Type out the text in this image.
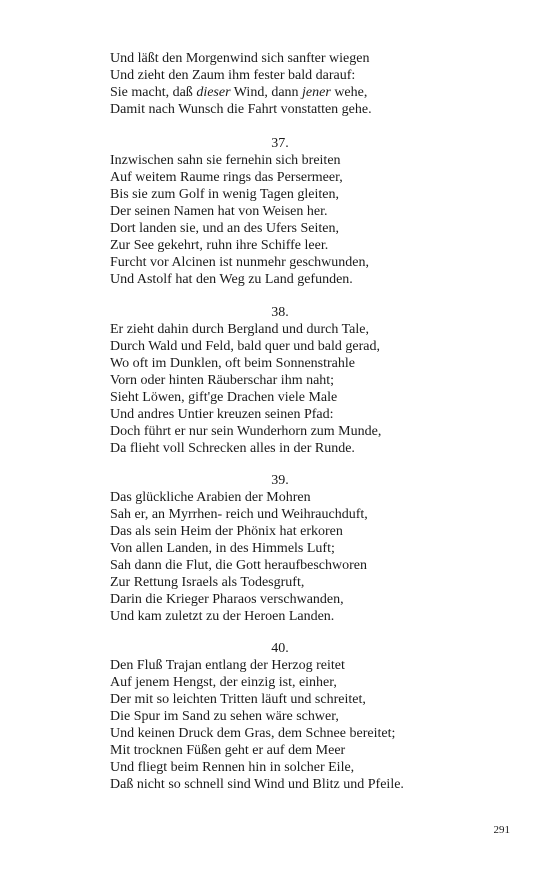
Und läßt den Morgenwind sich sanfter wiegen
Und zieht den Zaum ihm fester bald darauf:
Sie macht, daß dieser Wind, dann jener wehe,
Damit nach Wunsch die Fahrt vonstatten gehe.
37.
Inzwischen sahn sie fernehin sich breiten
Auf weitem Raume rings das Persermeer,
Bis sie zum Golf in wenig Tagen gleiten,
Der seinen Namen hat von Weisen her.
Dort landen sie, und an des Ufers Seiten,
Zur See gekehrt, ruhn ihre Schiffe leer.
Furcht vor Alcinen ist nunmehr geschwunden,
Und Astolf hat den Weg zu Land gefunden.
38.
Er zieht dahin durch Bergland und durch Tale,
Durch Wald und Feld, bald quer und bald gerad,
Wo oft im Dunklen, oft beim Sonnenstrahle
Vorn oder hinten Räuberschar ihm naht;
Sieht Löwen, gift'ge Drachen viele Male
Und andres Untier kreuzen seinen Pfad:
Doch führt er nur sein Wunderhorn zum Munde,
Da flieht voll Schrecken alles in der Runde.
39.
Das glückliche Arabien der Mohren
Sah er, an Myrrhen- reich und Weihrauchduft,
Das als sein Heim der Phönix hat erkoren
Von allen Landen, in des Himmels Luft;
Sah dann die Flut, die Gott heraufbeschworen
Zur Rettung Israels als Todesgruft,
Darin die Krieger Pharaos verschwanden,
Und kam zuletzt zu der Heroen Landen.
40.
Den Fluß Trajan entlang der Herzog reitet
Auf jenem Hengst, der einzig ist, einher,
Der mit so leichten Tritten läuft und schreitet,
Die Spur im Sand zu sehen wäre schwer,
Und keinen Druck dem Gras, dem Schnee bereitet;
Mit trocknen Füßen geht er auf dem Meer
Und fliegt beim Rennen hin in solcher Eile,
Daß nicht so schnell sind Wind und Blitz und Pfeile.
291
